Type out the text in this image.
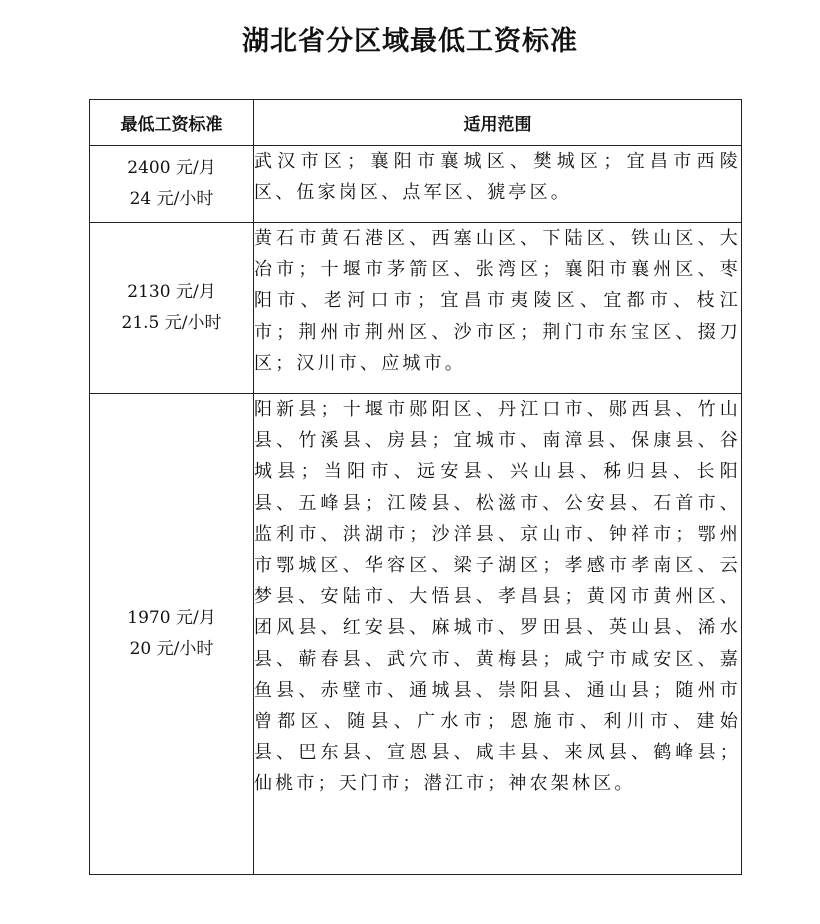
湖北省分区域最低工资标准
最低工资标准	适用范围

2400 元/月
24 元/小时	武汉市区；襄阳市襄城区、樊城区；宜昌市西陵区、伍家岗区、点军区、猇亭区。

2130 元/月
21.5 元/小时	黄石市黄石港区、西塞山区、下陆区、铁山区、大冶市；十堰市茅箭区、张湾区；襄阳市襄州区、枣阳市、老河口市；宜昌市夷陵区、宜都市、枝江市；荆州市荆州区、沙市区；荆门市东宝区、掇刀区；汉川市、应城市。

1970 元/月
20 元/小时	阳新县；十堰市郧阳区、丹江口市、郧西县、竹山县、竹溪县、房县；宜城市、南漳县、保康县、谷城县；当阳市、远安县、兴山县、秭归县、长阳县、五峰县；江陵县、松滋市、公安县、石首市、监利市、洪湖市；沙洋县、京山市、钟祥市；鄂州市鄂城区、华容区、梁子湖区；孝感市孝南区、云梦县、安陆市、大悟县、孝昌县；黄冈市黄州区、团风县、红安县、麻城市、罗田县、英山县、浠水县、蕲春县、武穴市、黄梅县；咸宁市咸安区、嘉鱼县、赤壁市、通城县、崇阳县、通山县；随州市曾都区、随县、广水市；恩施市、利川市、建始县、巴东县、宣恩县、咸丰县、来凤县、鹤峰县；仙桃市；天门市；潜江市；神农架林区。
